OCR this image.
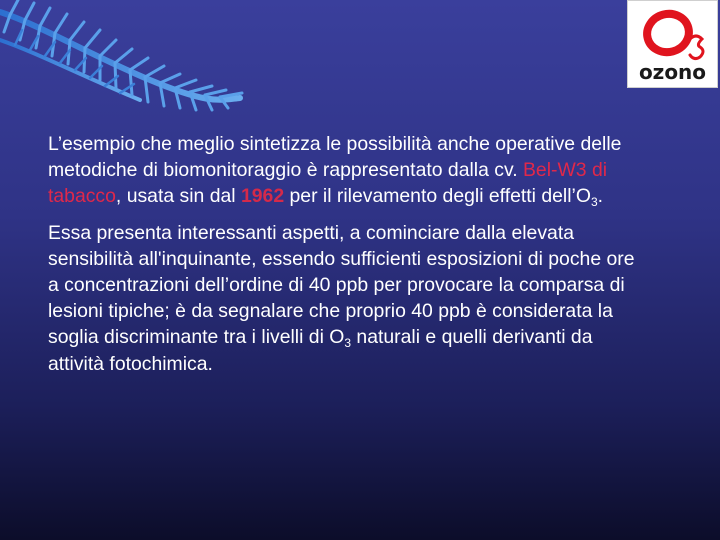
ozono

L’esempio che meglio sintetizza le possibilità anche operative delle metodiche di biomonitoraggio è rappresentato dalla cv. Bel-W3 di tabacco, usata sin dal 1962 per il rilevamento degli effetti $dell’O_3$.

Essa presenta interessanti aspetti, a cominciare dalla elevata sensibilità all'inquinante, essendo sufficienti esposizioni di poche ore a concentrazioni dell’ordine di 40 ppb per provocare la comparsa di lesioni tipiche; è da segnalare che proprio 40 ppb è considerata la soglia discriminante tra i livelli di $O_3$ naturali e quelli derivanti da attività fotochimica.
